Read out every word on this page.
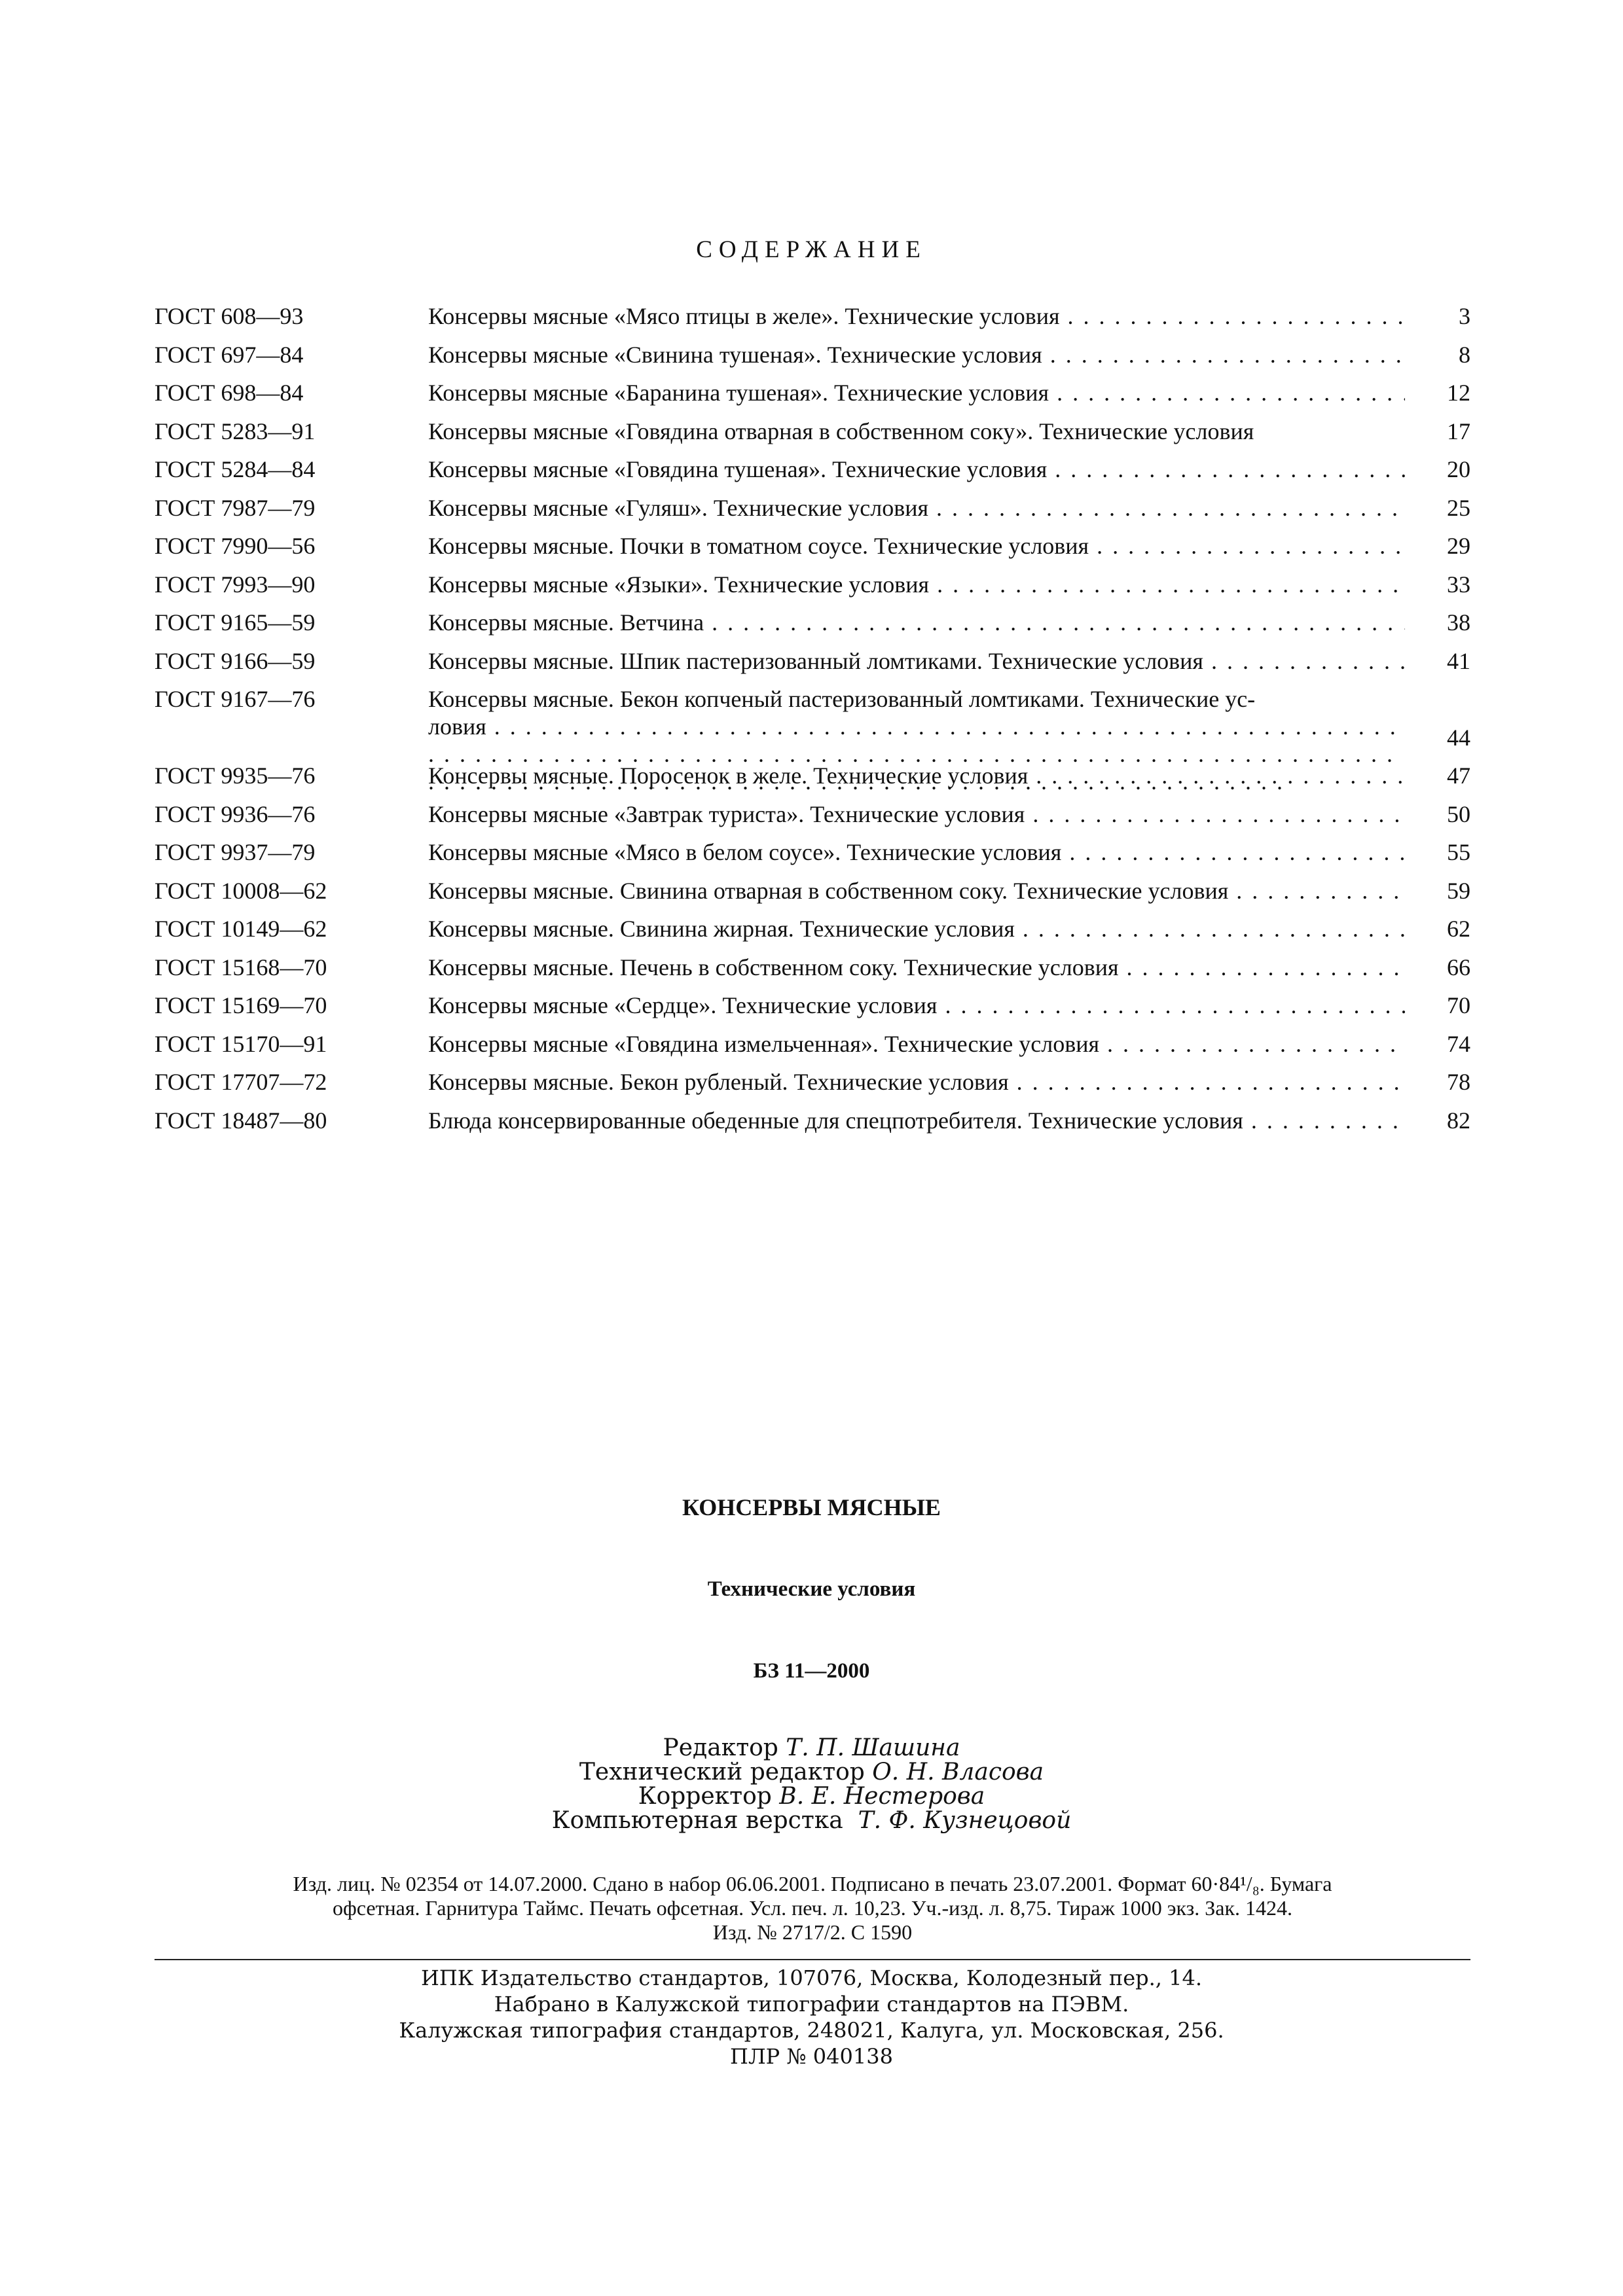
СОДЕРЖАНИЕ
ГОСТ 608—93	Консервы мясные «Мясо птицы в желе». Технические условия . . .	3
ГОСТ 697—84	Консервы мясные «Свинина тушеная». Технические условия . . .	8
ГОСТ 698—84	Консервы мясные «Баранина тушеная». Технические условия . . .	12
ГОСТ 5283—91	Консервы мясные «Говядина отварная в собственном соку». Технические условия	17
ГОСТ 5284—84	Консервы мясные «Говядина тушеная». Технические условия . . .	20
ГОСТ 7987—79	Консервы мясные «Гуляш». Технические условия . . .	25
ГОСТ 7990—56	Консервы мясные. Почки в томатном соусе. Технические условия . . .	29
ГОСТ 7993—90	Консервы мясные «Языки». Технические условия . . .	33
ГОСТ 9165—59	Консервы мясные. Ветчина . . .	38
ГОСТ 9166—59	Консервы мясные. Шпик пастеризованный ломтиками. Технические условия . . .	41
ГОСТ 9167—76	Консервы мясные. Бекон копченый пастеризованный ломтиками. Технические ус-
ловия . . .
. . .	44
ГОСТ 9935—76	Консервы мясные. Поросенок в желе. Технические условия . . .	47
ГОСТ 9936—76	Консервы мясные «Завтрак туриста». Технические условия . . .	50
ГОСТ 9937—79	Консервы мясные «Мясо в белом соусе». Технические условия . . .	55
ГОСТ 10008—62	Консервы мясные. Свинина отварная в собственном соку. Технические условия . . .	59
ГОСТ 10149—62	Консервы мясные. Свинина жирная. Технические условия . . .	62
ГОСТ 15168—70	Консервы мясные. Печень в собственном соку. Технические условия . . .	66
ГОСТ 15169—70	Консервы мясные «Сердце». Технические условия . . .	70
ГОСТ 15170—91	Консервы мясные «Говядина измельченная». Технические условия . . .	74
ГОСТ 17707—72	Консервы мясные. Бекон рубленый. Технические условия . . .	78
ГОСТ 18487—80	Блюда консервированные обеденные для спецпотребителя. Технические условия . . .	82
КОНСЕРВЫ МЯСНЫЕ
Технические условия
БЗ 11—2000
Редактор Т. П. Шашина
Технический редактор О. Н. Власова
Корректор В. Е. Нестерова
Компьютерная верстка Т. Ф. Кузнецовой
Изд. лиц. № 02354 от 14.07.2000. Сдано в набор 06.06.2001. Подписано в печать 23.07.2001. Формат 60·84¹/₈. Бумага
офсетная. Гарнитура Таймс. Печать офсетная. Усл. печ. л. 10,23. Уч.-изд. л. 8,75. Тираж 1000 экз. Зак. 1424.
Изд. № 2717/2. С 1590
ИПК Издательство стандартов, 107076, Москва, Колодезный пер., 14.
Набрано в Калужской типографии стандартов на ПЭВМ.
Калужская типография стандартов, 248021, Калуга, ул. Московская, 256.
ПЛР № 040138
